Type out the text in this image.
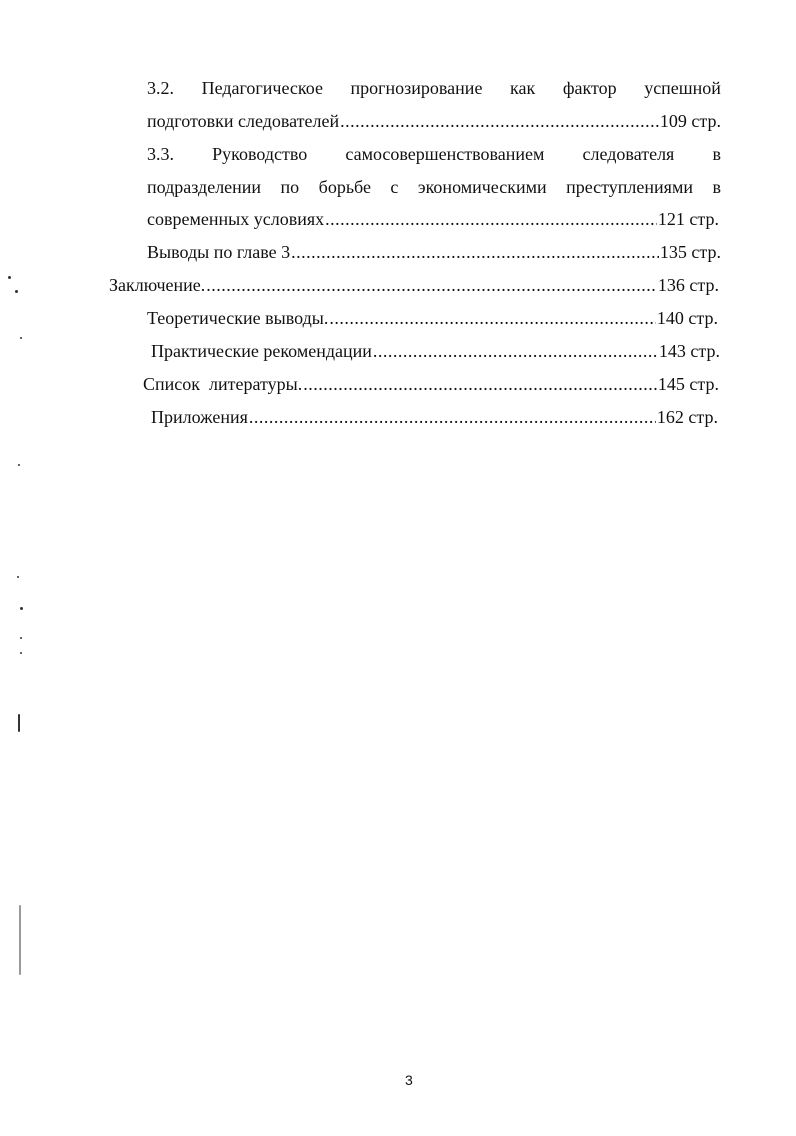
3.2. Педагогическое прогнозирование как фактор успешной
подготовки следователей .....	109 стр.
3.3. Руководство самосовершенствованием следователя в
подразделении по борьбе с экономическими преступлениями в
современных условиях .....	121 стр.
Выводы по главе 3 .....	135 стр.
Заключение. .....	136 стр.
Теоретические выводы. .....	140 стр.
Практические рекомендации .....	143 стр.
Список  литературы. .....	145 стр.
Приложения .....	162 стр.
3
